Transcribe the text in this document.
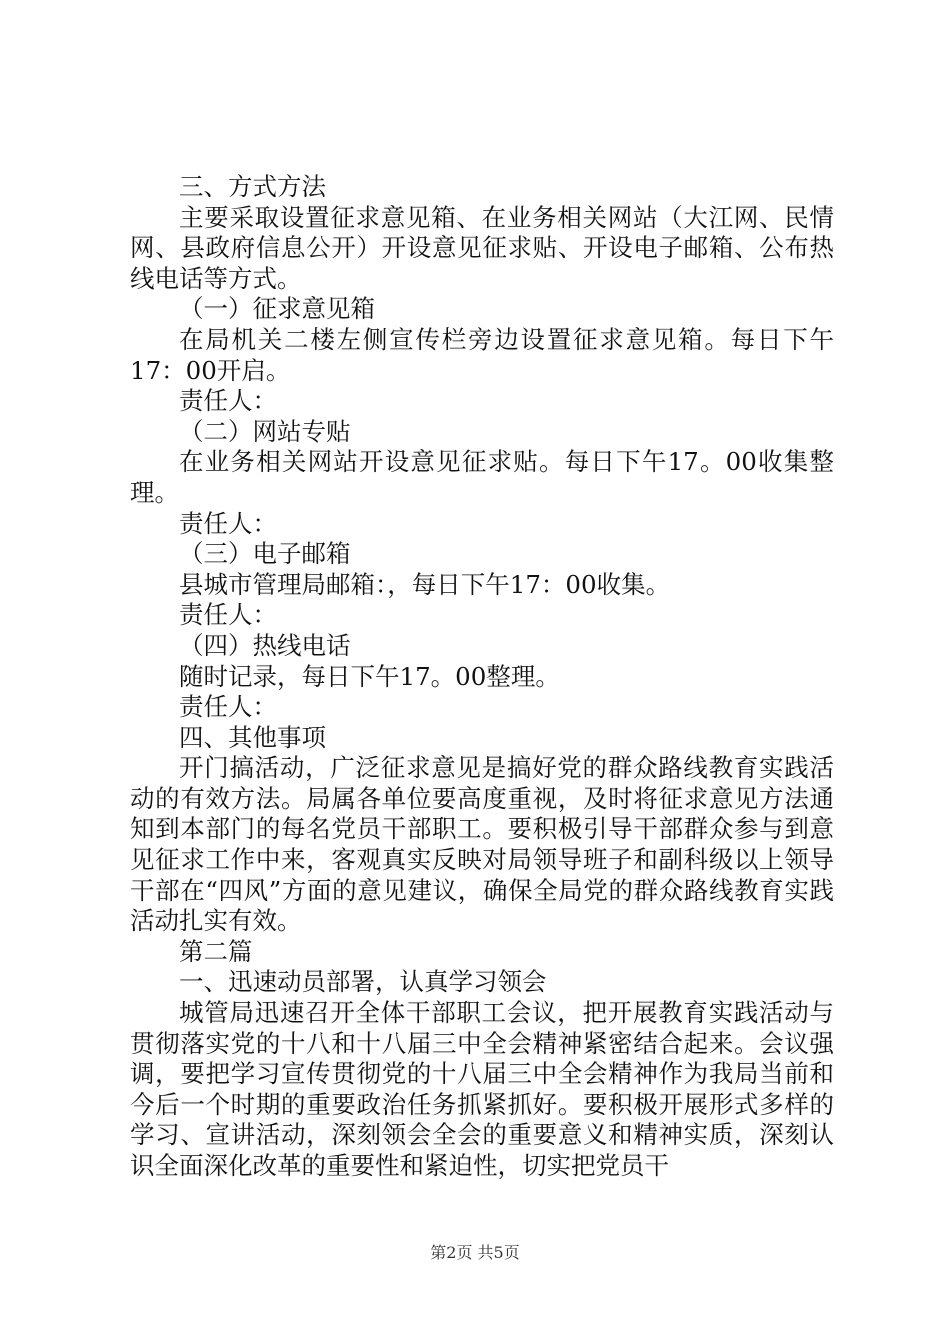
三、方式方法

主要采取设置征求意见箱、在业务相关网站（大江网、民情网、县政府信息公开）开设意见征求贴、开设电子邮箱、公布热线电话等方式。

（一）征求意见箱

在局机关二楼左侧宣传栏旁边设置征求意见箱。每日下午17：00开启。

责任人：

（二）网站专贴

在业务相关网站开设意见征求贴。每日下午17。00收集整理。

责任人：

（三）电子邮箱

县城市管理局邮箱：，每日下午17：00收集。

责任人：

（四）热线电话

随时记录，每日下午17。00整理。

责任人：

四、其他事项

开门搞活动，广泛征求意见是搞好党的群众路线教育实践活动的有效方法。局属各单位要高度重视，及时将征求意见方法通知到本部门的每名党员干部职工。要积极引导干部群众参与到意见征求工作中来，客观真实反映对局领导班子和副科级以上领导干部在“四风”方面的意见建议，确保全局党的群众路线教育实践活动扎实有效。

第二篇

一、迅速动员部署，认真学习领会

城管局迅速召开全体干部职工会议，把开展教育实践活动与贯彻落实党的十八和十八届三中全会精神紧密结合起来。会议强调，要把学习宣传贯彻党的十八届三中全会精神作为我局当前和今后一个时期的重要政治任务抓紧抓好。要积极开展形式多样的学习、宣讲活动，深刻领会全会的重要意义和精神实质，深刻认识全面深化改革的重要性和紧迫性，切实把党员干

第2页 共5页
